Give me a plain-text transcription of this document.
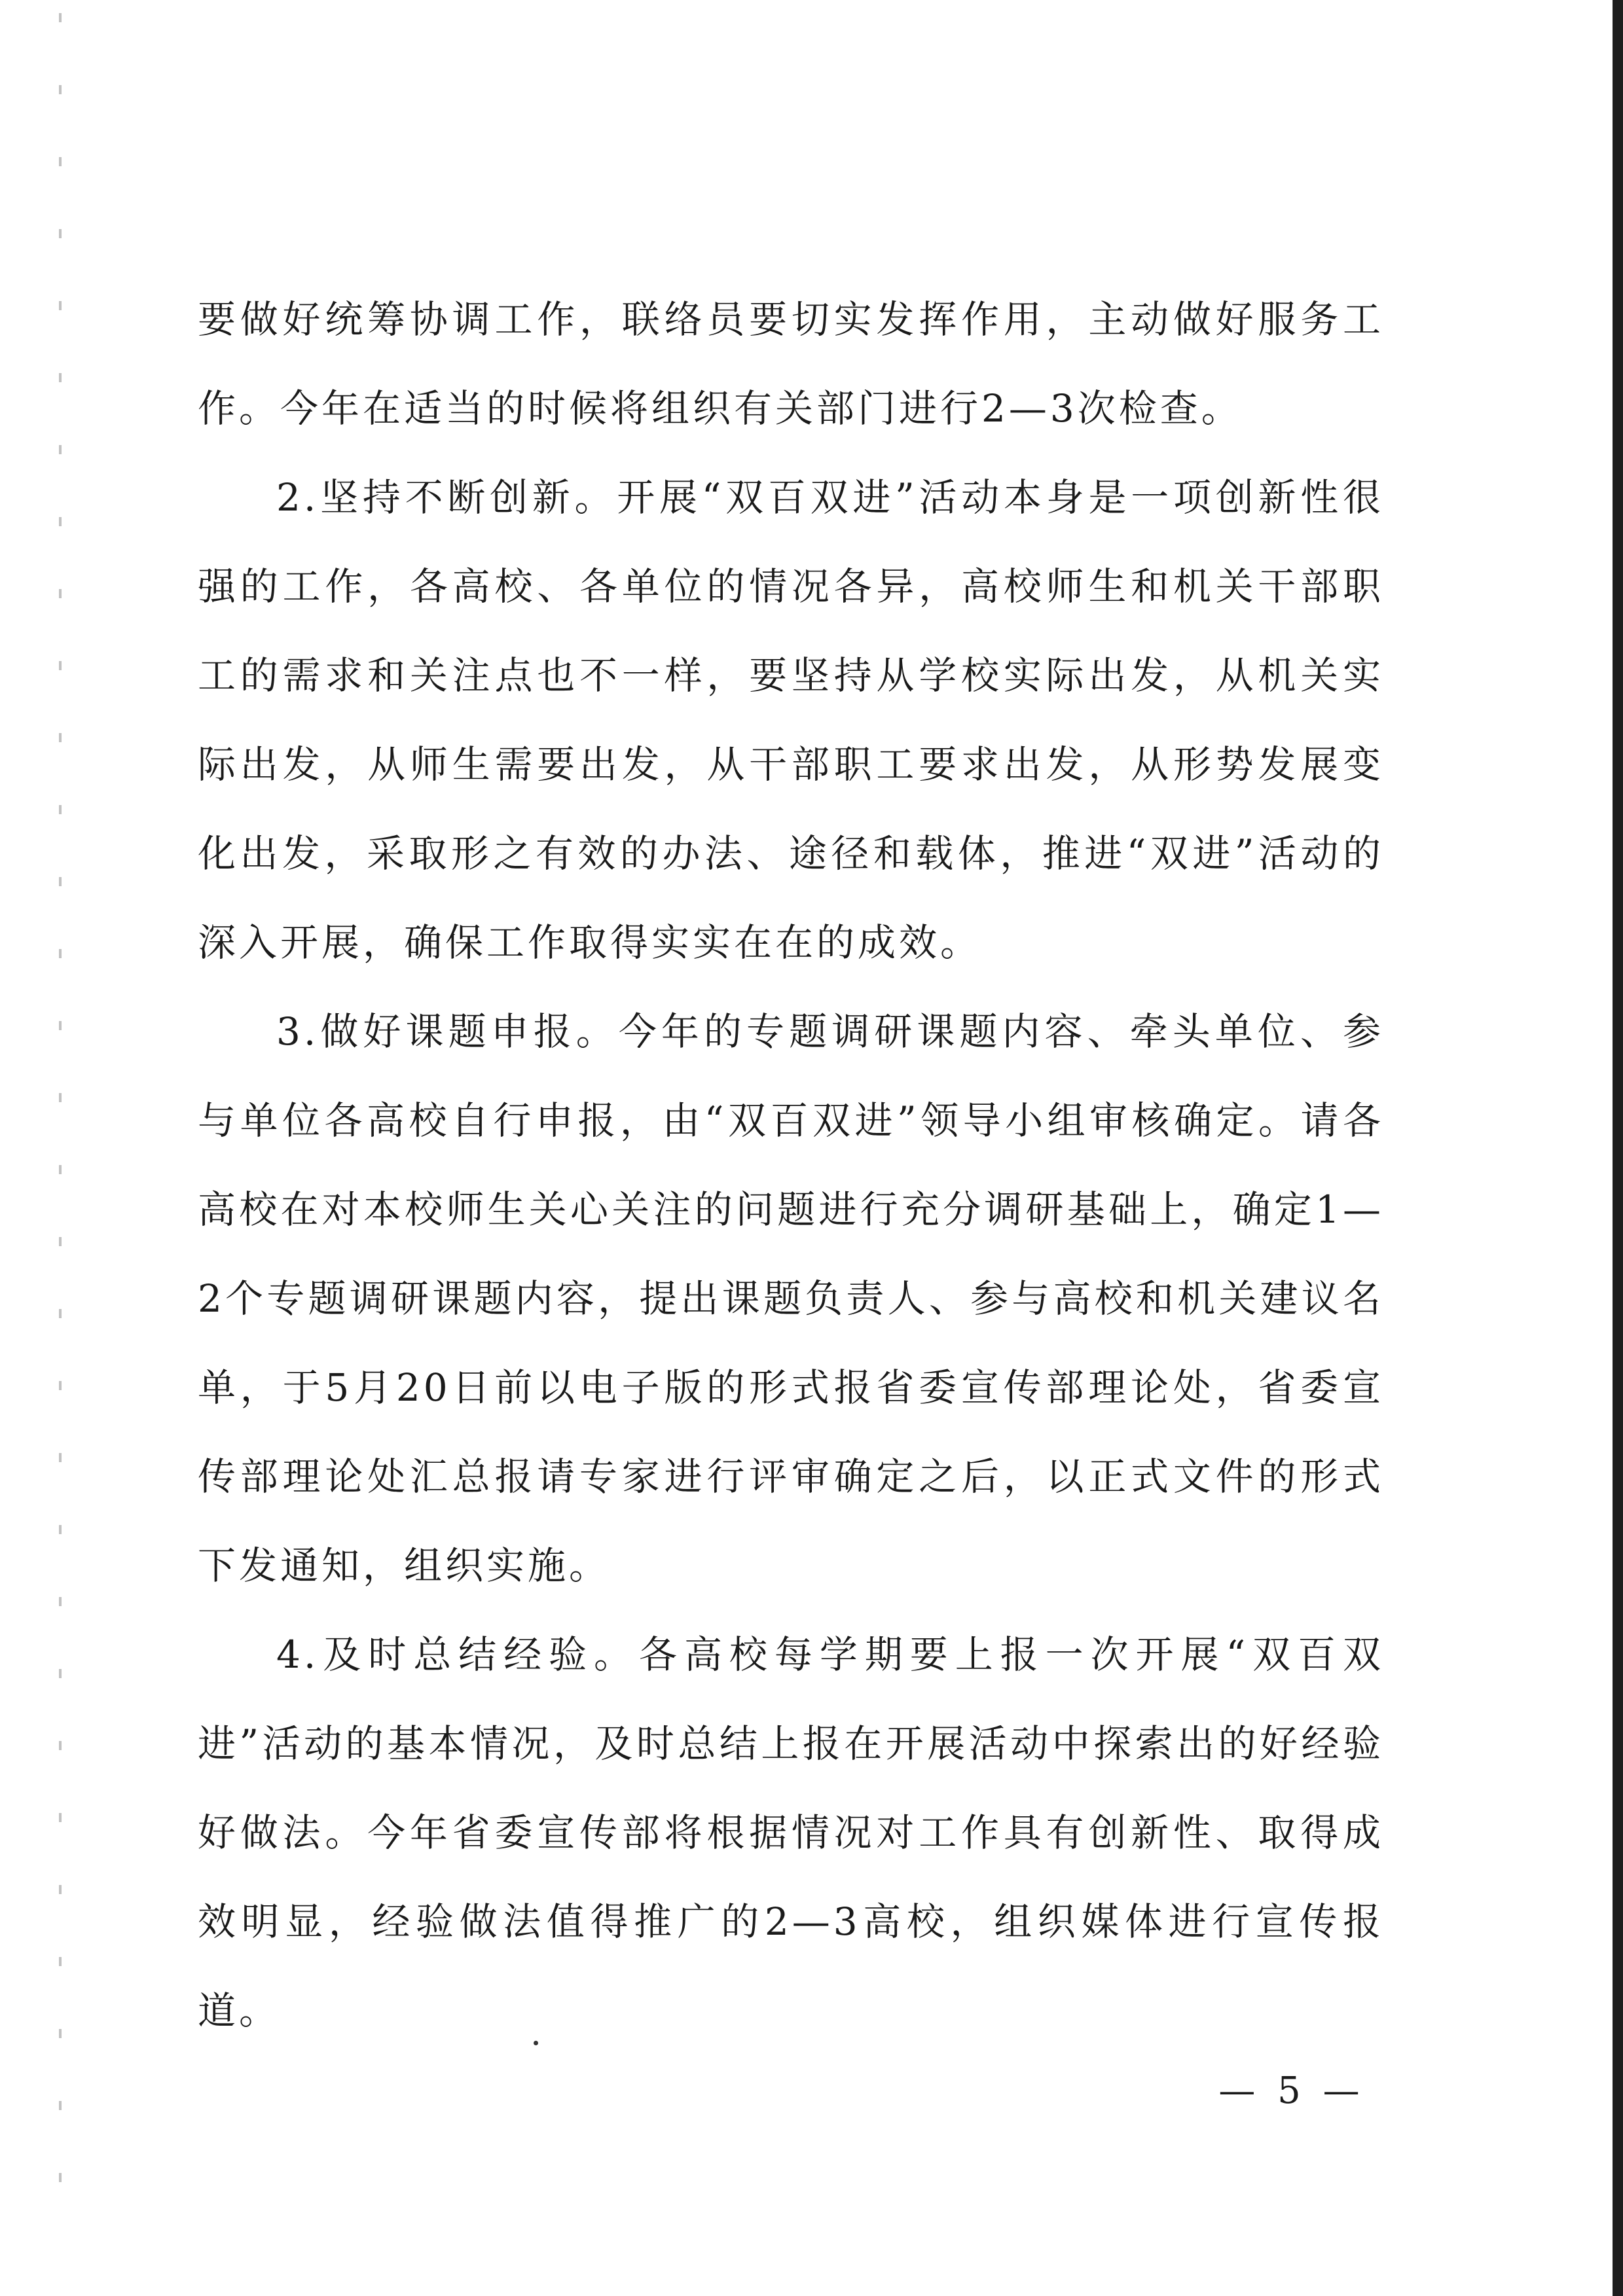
要做好统筹协调工作，联络员要切实发挥作用，主动做好服务工作。今年在适当的时候将组织有关部门进行2—3次检查。

2.坚持不断创新。开展“双百双进”活动本身是一项创新性很强的工作，各高校、各单位的情况各异，高校师生和机关干部职工的需求和关注点也不一样，要坚持从学校实际出发，从机关实际出发，从师生需要出发，从干部职工要求出发，从形势发展变化出发，采取形之有效的办法、途径和载体，推进“双进”活动的深入开展，确保工作取得实实在在的成效。

3.做好课题申报。今年的专题调研课题内容、牵头单位、参与单位各高校自行申报，由“双百双进”领导小组审核确定。请各高校在对本校师生关心关注的问题进行充分调研基础上，确定1—2个专题调研课题内容，提出课题负责人、参与高校和机关建议名单，于5月20日前以电子版的形式报省委宣传部理论处，省委宣传部理论处汇总报请专家进行评审确定之后，以正式文件的形式下发通知，组织实施。

4.及时总结经验。各高校每学期要上报一次开展“双百双进”活动的基本情况，及时总结上报在开展活动中探索出的好经验好做法。今年省委宣传部将根据情况对工作具有创新性、取得成效明显，经验做法值得推广的2—3高校，组织媒体进行宣传报道。

— 5 —
